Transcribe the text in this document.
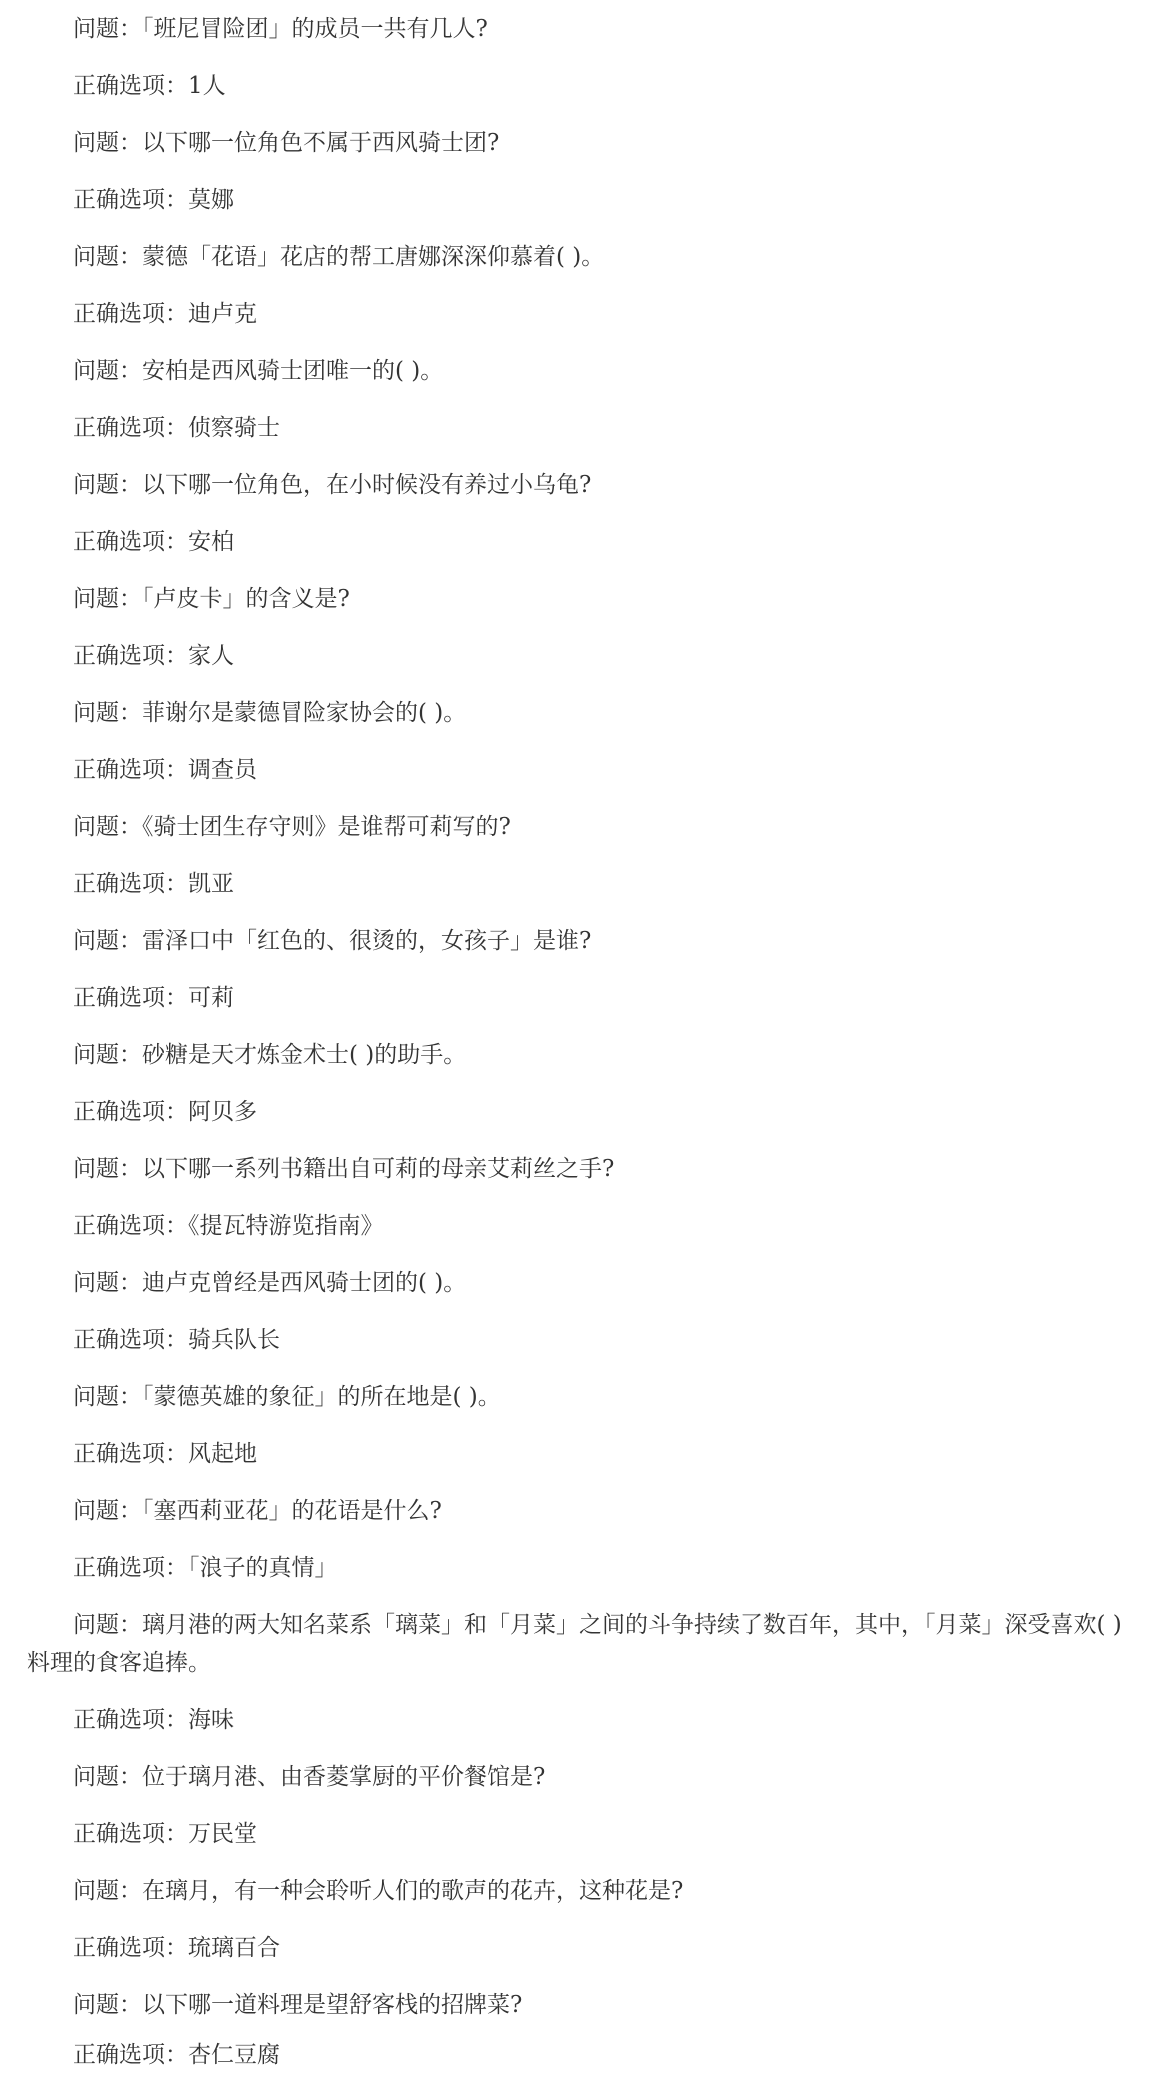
问题：「班尼冒险团」的成员一共有几人?

正确选项：1人

问题：以下哪一位角色不属于西风骑士团?

正确选项：莫娜

问题：蒙德「花语」花店的帮工唐娜深深仰慕着( )。

正确选项：迪卢克

问题：安柏是西风骑士团唯一的( )。

正确选项：侦察骑士

问题：以下哪一位角色，在小时候没有养过小乌龟?

正确选项：安柏

问题：「卢皮卡」的含义是?

正确选项：家人

问题：菲谢尔是蒙德冒险家协会的( )。

正确选项：调查员

问题：《骑士团生存守则》是谁帮可莉写的?

正确选项：凯亚

问题：雷泽口中「红色的、很烫的，女孩子」是谁?

正确选项：可莉

问题：砂糖是天才炼金术士( )的助手。

正确选项：阿贝多

问题：以下哪一系列书籍出自可莉的母亲艾莉丝之手?

正确选项：《提瓦特游览指南》

问题：迪卢克曾经是西风骑士团的( )。

正确选项：骑兵队长

问题：「蒙德英雄的象征」的所在地是( )。

正确选项：风起地

问题：「塞西莉亚花」的花语是什么?

正确选项：「浪子的真情」

问题：璃月港的两大知名菜系「璃菜」和「月菜」之间的斗争持续了数百年，其中，「月菜」深受喜欢( )料理的食客追捧。

正确选项：海味

问题：位于璃月港、由香菱掌厨的平价餐馆是?

正确选项：万民堂

问题：在璃月，有一种会聆听人们的歌声的花卉，这种花是?

正确选项：琉璃百合

问题：以下哪一道料理是望舒客栈的招牌菜?

正确选项：杏仁豆腐
